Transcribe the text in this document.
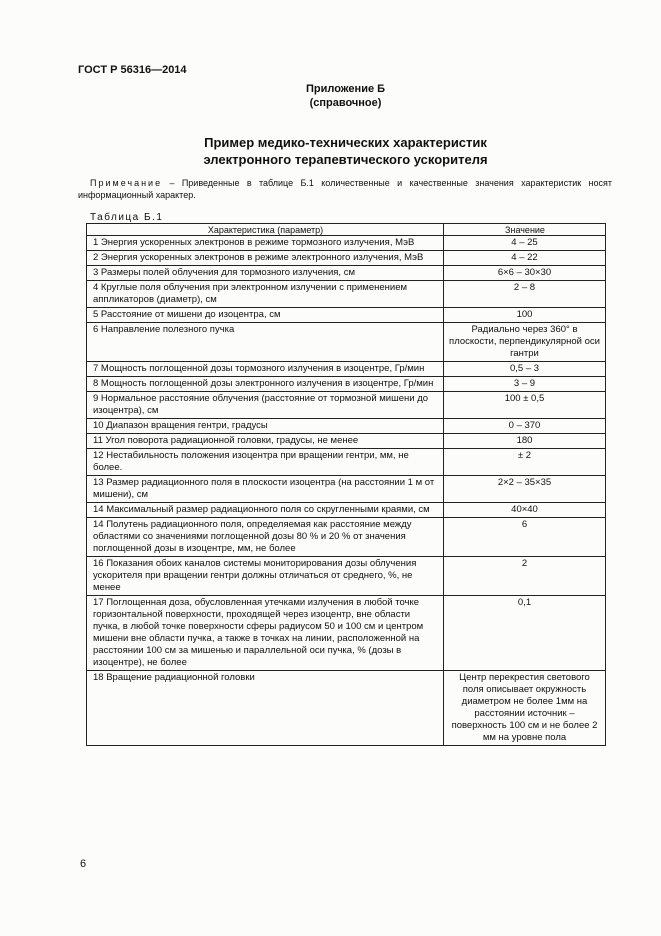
ГОСТ Р 56316—2014
Приложение Б
(справочное)
Пример медико-технических характеристик
электронного терапевтического ускорителя
Примечание – Приведенные в таблице Б.1 количественные и качественные значения характеристик носят информационный характер.
Таблица Б.1
Характеристика (параметр)	Значение
1 Энергия ускоренных электронов в режиме тормозного излучения, МэВ	4 – 25
2 Энергия ускоренных электронов в режиме электронного излучения, МэВ	4 – 22
3 Размеры полей облучения для тормозного излучения, см	6×6 – 30×30
4 Круглые поля облучения при электронном излучении с применением аппликаторов (диаметр), см	2 – 8
5 Расстояние от мишени до изоцентра, см	100
6 Направление полезного пучка	Радиально через 360° в плоскости, перпендикулярной оси гантри
7 Мощность поглощенной дозы тормозного излучения в изоцентре, Гр/мин	0,5 – 3
8 Мощность поглощенной дозы электронного излучения в изоцентре, Гр/мин	3 – 9
9 Нормальное расстояние облучения (расстояние от тормозной мишени до изоцентра), см	100 ± 0,5
10 Диапазон вращения гентри, градусы	0 – 370
11 Угол поворота радиационной головки, градусы, не менее	180
12 Нестабильность положения изоцентра при вращении гентри, мм, не более.	± 2
13 Размер радиационного поля в плоскости изоцентра (на расстоянии 1 м от мишени), см	2×2 – 35×35
14 Максимальный размер радиационного поля со скругленными краями, см	40×40
14 Полутень радиационного поля, определяемая как расстояние между областями со значениями поглощенной дозы 80 % и 20 % от значения поглощенной дозы в изоцентре, мм, не более	6
16 Показания обоих каналов системы мониторирования дозы облучения ускорителя при вращении гентри должны отличаться от среднего, %, не менее	2
17 Поглощенная доза, обусловленная утечками излучения в любой точке горизонтальной поверхности, проходящей через изоцентр, вне области пучка, в любой точке поверхности сферы радиусом 50 и 100 см и центром мишени вне области пучка, а также в точках на линии, расположенной на расстоянии 100 см за мишенью и параллельной оси пучка, % (дозы в изоцентре), не более	0,1
18 Вращение радиационной головки	Центр перекрестия светового поля описывает окружность диаметром не более 1мм на расстоянии источник – поверхность 100 см и не более 2 мм на уровне пола
6
